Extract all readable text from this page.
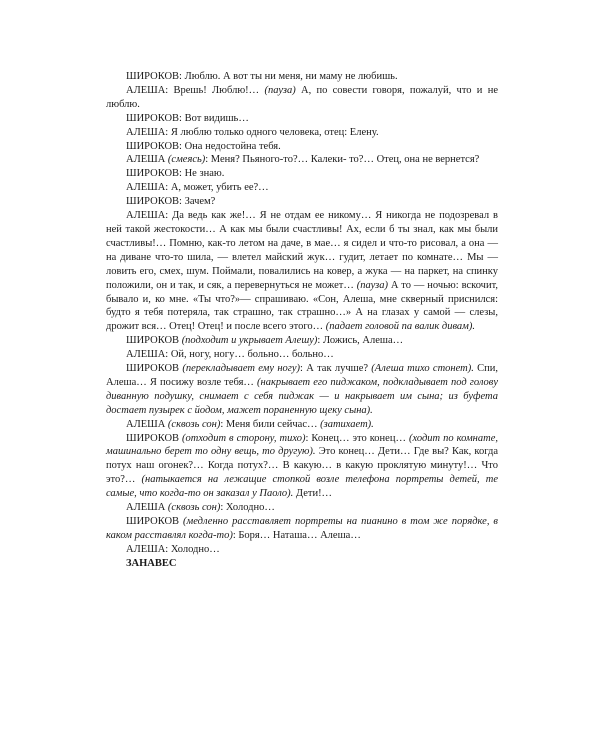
ШИРОКОВ: Люблю. А вот ты ни меня, ни маму не любишь.

АЛЕША: Врешь! Люблю!… (пауза) А, по совести говоря, пожалуй, что и не люблю.

ШИРОКОВ: Вот видишь…

АЛЕША: Я люблю только одного человека, отец: Елену.

ШИРОКОВ: Она недостойна тебя.

АЛЕША (смеясь): Меня? Пьяного-то?… Калеки- то?… Отец, она не вернется?

ШИРОКОВ: Не знаю.

АЛЕША: А, может, убить ее?…

ШИРОКОВ: Зачем?

АЛЕША: Да ведь как же!… Я не отдам ее никому… Я никогда не подозревал в ней такой жестокости… А как мы были счастливы! Ах, если б ты знал, как мы были счастливы!… Помню, как-то летом на даче, в мае… я сидел и что-то рисовал, а она — на диване что-то шила, — влетел майский жук… гудит, летает по комнате… Мы — ловить его, смех, шум. Поймали, повалились на ковер, а жука — на паркет, на спинку положили, он и так, и сяк, а перевернуться не может… (пауза) А то — ночью: вскочит, бывало и, ко мне. «Ты что?»— спрашиваю. «Сон, Алеша, мне скверный приснился: будто я тебя потеряла, так страшно, так страшно…» А на глазах у самой — слезы, дрожит вся… Отец! Отец! и после всего этого… (падает головой па валик дивам).

ШИРОКОВ (подходит и укрывает Алешу): Ложись, Алеша…

АЛЕША: Ой, ногу, ногу… больно… больно…

ШИРОКОВ (перекладывает ему ногу): А так лучше? (Алеша тихо стонет). Спи, Алеша… Я посижу возле тебя… (накрывает его пиджаком, подкладывает под голову диванную подушку, снимает с себя пиджак — и накрывает им сына; из буфета достает пузырек с йодом, мажет пораненную щеку сына).

АЛЕША (сквозь сон): Меня били сейчас… (затихает).

ШИРОКОВ (отходит в сторону, тихо): Конец… это конец… (ходит по комнате, машинально берет то одну вещь, то другую). Это конец… Дети… Где вы? Как, когда потух наш огонек?… Когда потух?… В какую… в какую проклятую минуту!… Что это?… (натыкается на лежащие стопкой возле телефона портреты детей, те самые, что когда-то он заказал у Паоло). Дети!…

АЛЕША (сквозь сон): Холодно…

ШИРОКОВ (медленно расставляет портреты на пианино в том же порядке, в каком расставлял когда-то): Боря… Наташа… Алеша…

АЛЕША: Холодно…

ЗАНАВЕС
